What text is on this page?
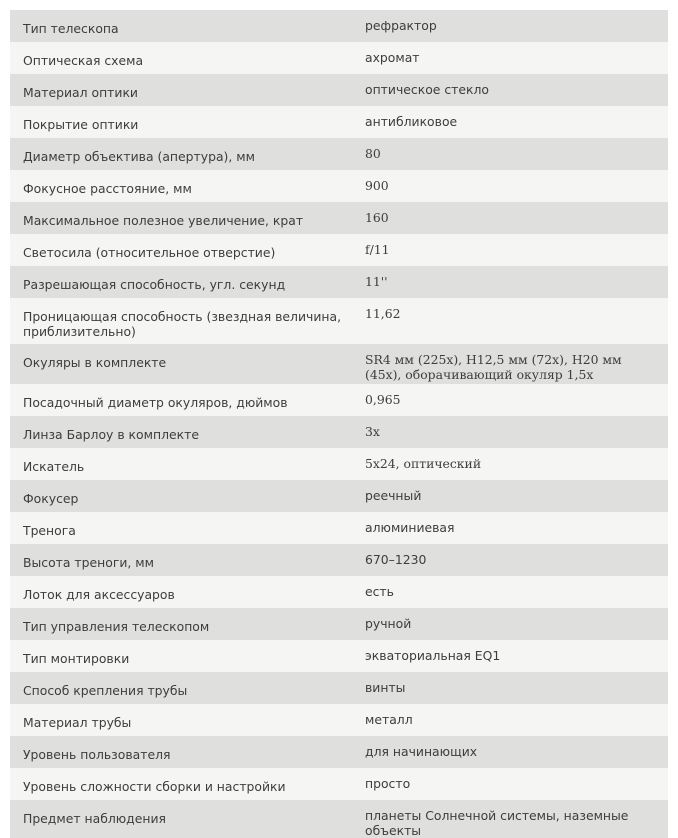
Тип телескопа	рефрактор
Оптическая схема	ахромат
Материал оптики	оптическое стекло
Покрытие оптики	антибликовое
Диаметр объектива (апертура), мм	80
Фокусное расстояние, мм	900
Максимальное полезное увеличение, крат	160
Светосила (относительное отверстие)	f/11
Разрешающая способность, угл. секунд	11''
Проницающая способность (звездная величина, приблизительно)	11,62
Окуляры в комплекте	SR4 мм (225x), H12,5 мм (72x), H20 мм (45x), оборачивающий окуляр 1,5x
Посадочный диаметр окуляров, дюймов	0,965
Линза Барлоу в комплекте	3x
Искатель	5x24, оптический
Фокусер	реечный
Тренога	алюминиевая
Высота треноги, мм	670–1230
Лоток для аксессуаров	есть
Тип управления телескопом	ручной
Тип монтировки	экваториальная EQ1
Способ крепления трубы	винты
Материал трубы	металл
Уровень пользователя	для начинающих
Уровень сложности сборки и настройки	просто
Предмет наблюдения	планеты Солнечной системы, наземные объекты
